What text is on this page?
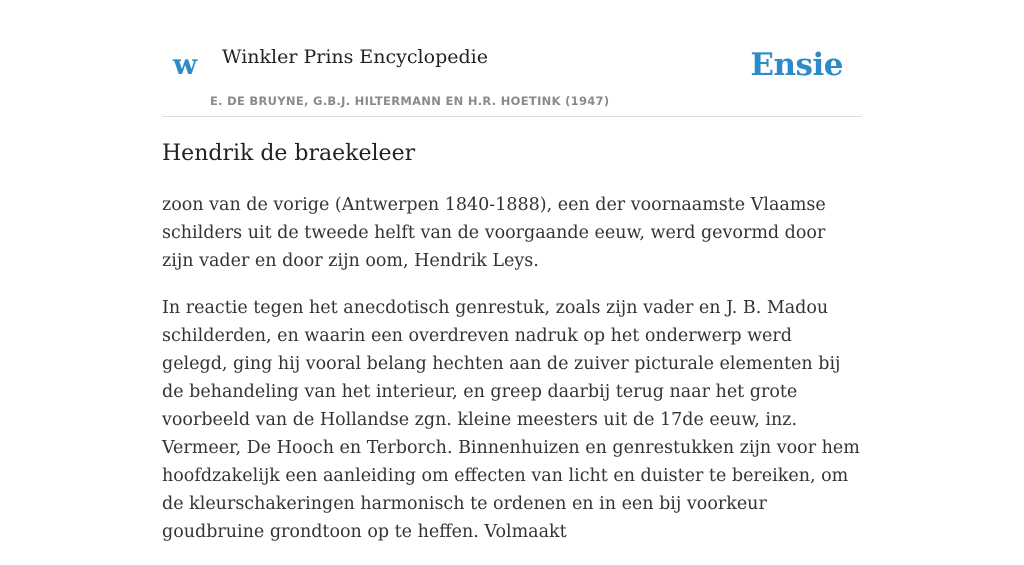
w Winkler Prins Encyclopedie
E. DE BRUYNE, G.B.J. HILTERMANN EN H.R. HOETINK (1947)
Ensie
Hendrik de braekeleer

zoon van de vorige (Antwerpen 1840-1888), een der voornaamste Vlaamse schilders uit de tweede helft van de voorgaande eeuw, werd gevormd door zijn vader en door zijn oom, Hendrik Leys.

In reactie tegen het anecdotisch genrestuk, zoals zijn vader en J. B. Madou schilderden, en waarin een overdreven nadruk op het onderwerp werd gelegd, ging hij vooral belang hechten aan de zuiver picturale elementen bij de behandeling van het interieur, en greep daarbij terug naar het grote voorbeeld van de Hollandse zgn. kleine meesters uit de 17de eeuw, inz. Vermeer, De Hooch en Terborch. Binnenhuizen en genrestukken zijn voor hem hoofdzakelijk een aanleiding om effecten van licht en duister te bereiken, om de kleurschakeringen harmonisch te ordenen en in een bij voorkeur goudbruine grondtoon op te heffen. Volmaakt
